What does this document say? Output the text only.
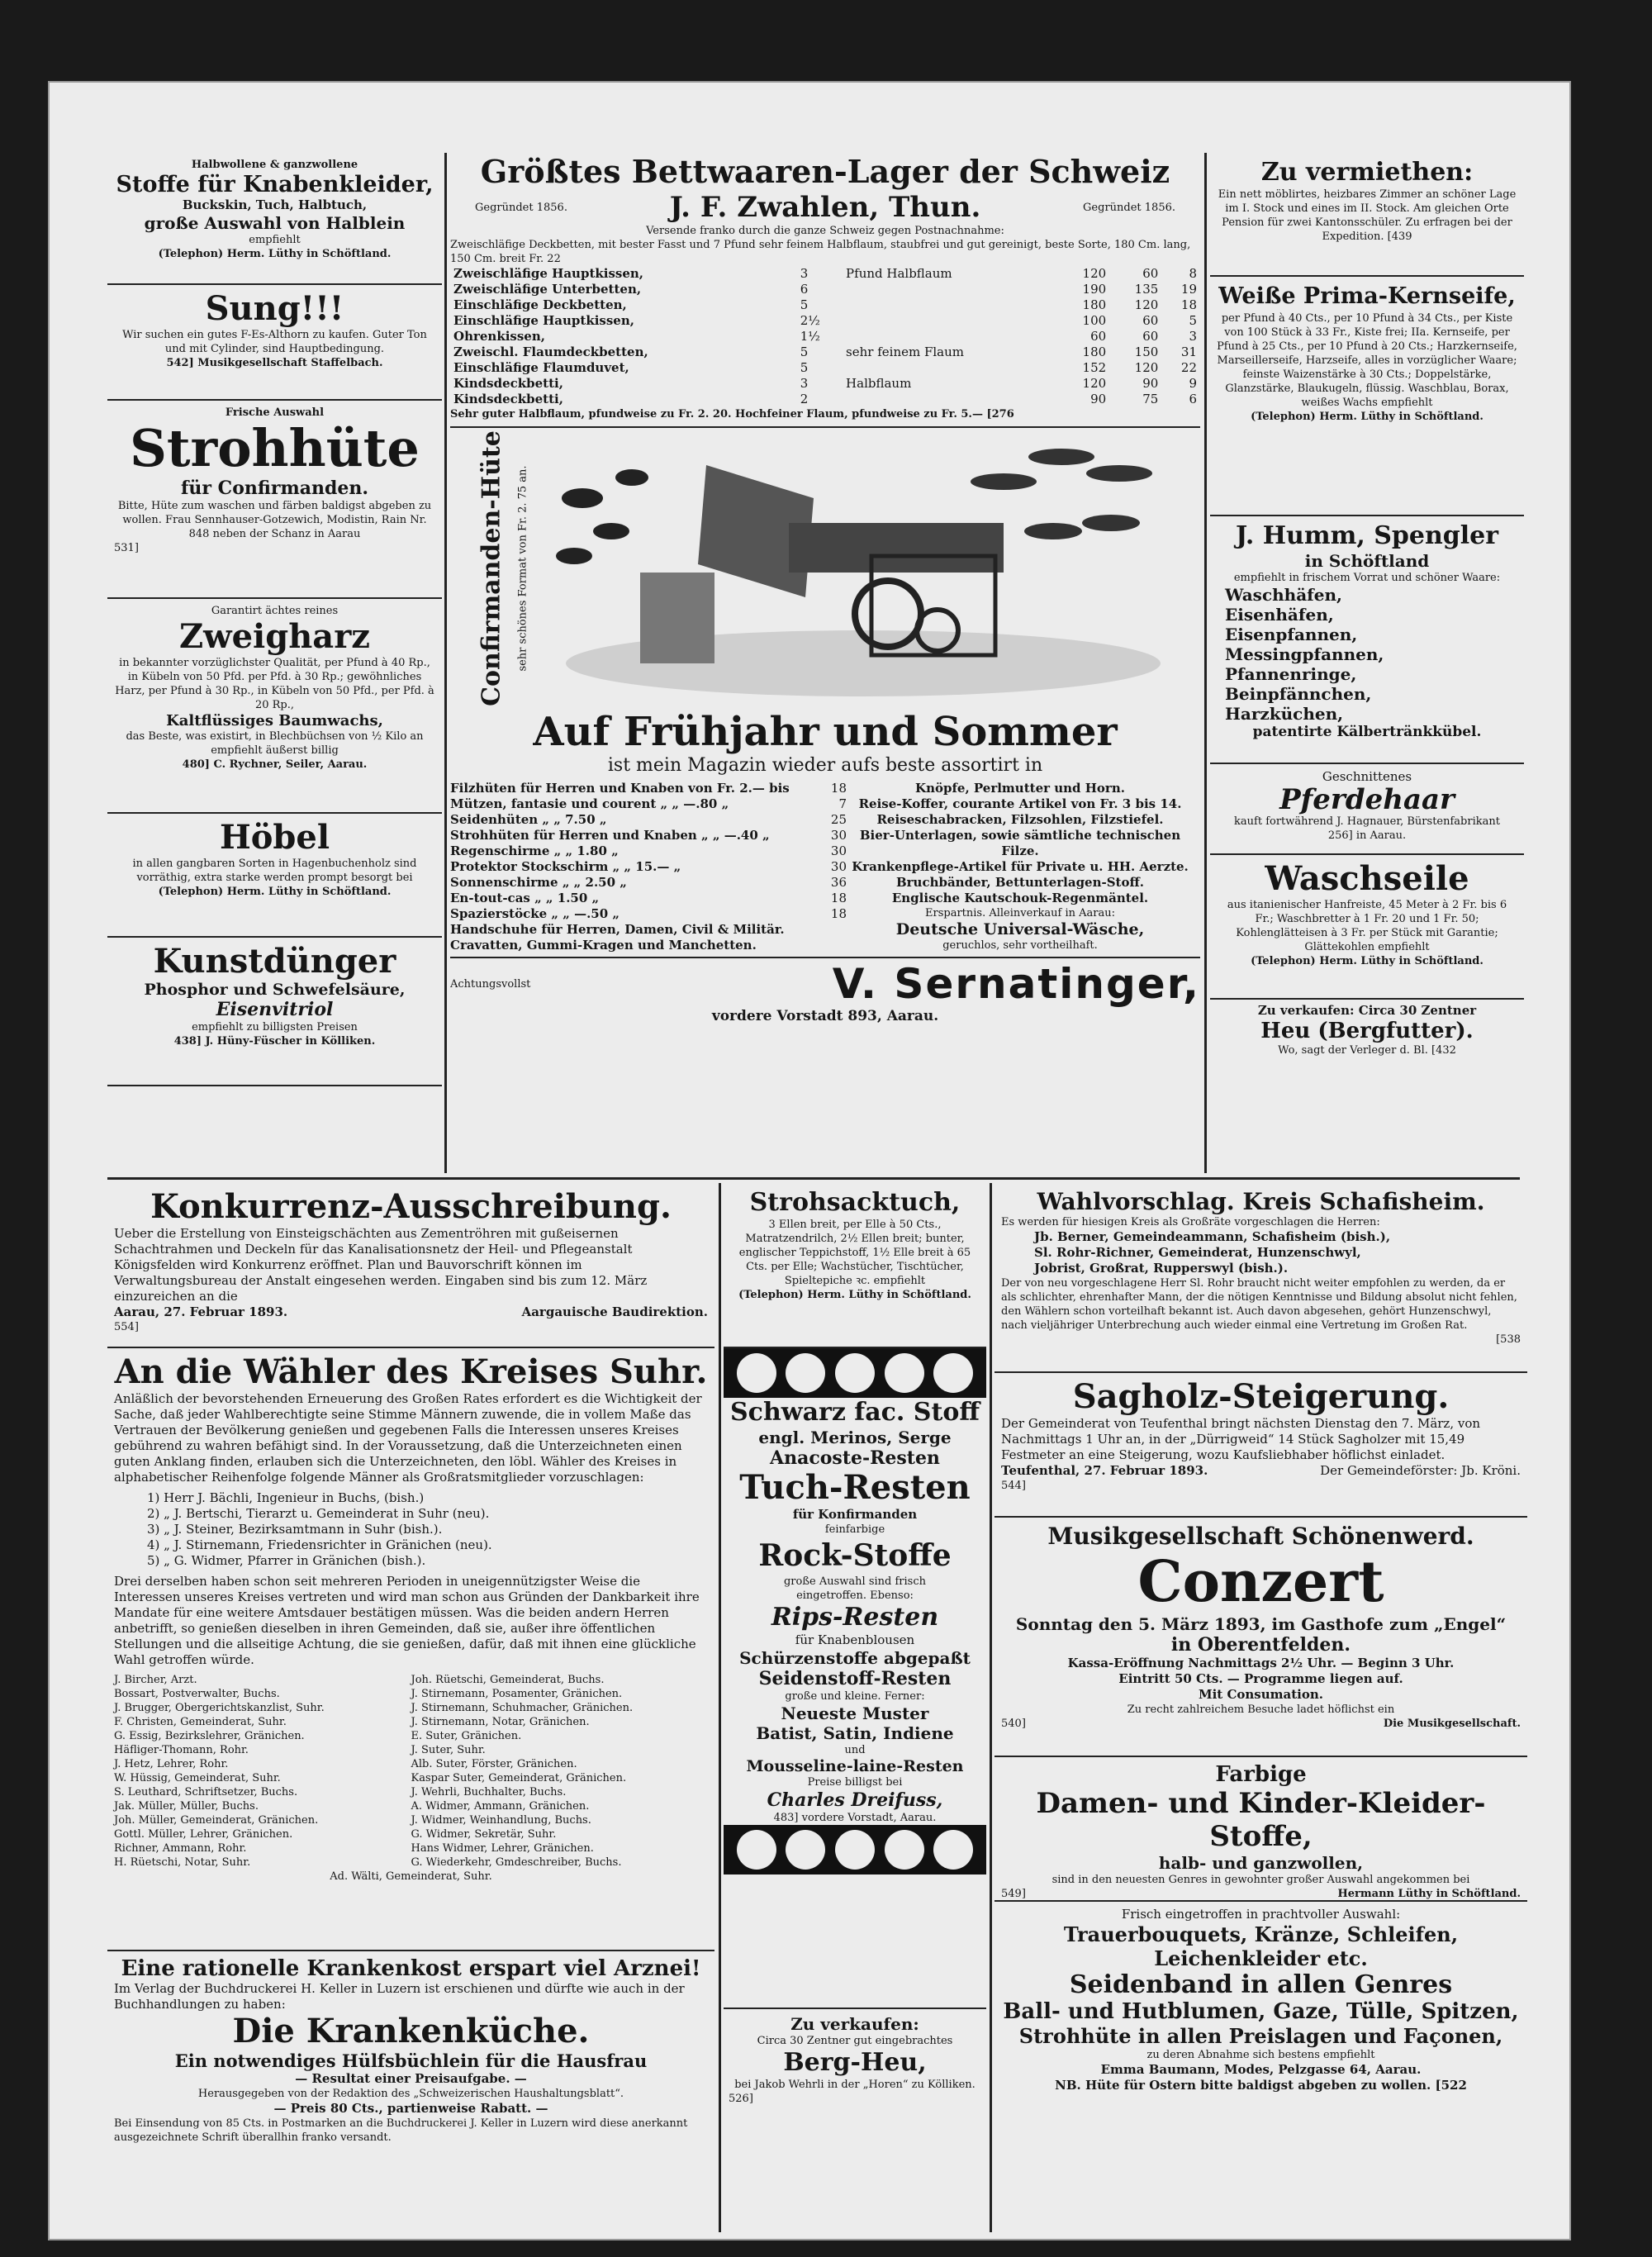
Halbwollene & ganzwollene
Stoffe für Knabenkleider,
Buckskin, Tuch, Halbtuch,
große Auswahl von Halblein
empfiehlt
(Telephon) Herm. Lüthy in Schöftland.
Sung!!!
Wir suchen ein gutes F-Es-Althorn zu kaufen. Guter Ton und mit Cylinder, sind Hauptbedingung.
542] Musikgesellschaft Staffelbach.
Frische Auswahl
Strohhüte
für Confirmanden.
Bitte, Hüte zum waschen und färben baldigst abgeben zu wollen. Frau Sennhauser-Gotzewich, Modistin, Rain Nr. 848 neben der Schanz in Aarau
531]
Garantirt ächtes reines
Zweigharz
in bekannter vorzüglichster Qualität, per Pfund à 40 Rp., in Kübeln von 50 Pfd. per Pfd. à 30 Rp.; gewöhnliches Harz, per Pfund à 30 Rp., in Kübeln von 50 Pfd., per Pfd. à 20 Rp.,
Kaltflüssiges Baumwachs,
das Beste, was existirt, in Blechbüchsen von ½ Kilo an empfiehlt äußerst billig
480] C. Rychner, Seiler, Aarau.
Höbel
in allen gangbaren Sorten in Hagenbuchenholz sind vorräthig, extra starke werden prompt besorgt bei
(Telephon) Herm. Lüthy in Schöftland.
Kunstdünger
Phosphor und Schwefelsäure,
Eisenvitriol
empfiehlt zu billigsten Preisen
438] J. Hüny-Füscher in Kölliken.
Größtes Bettwaaren-Lager der Schweiz
Gegründet 1856.	J. F. Zwahlen, Thun.	Gegründet 1856.
Versende franko durch die ganze Schweiz gegen Postnachnahme:
Zweischläfige Deckbetten, mit bester Fasst und 7 Pfund sehr feinem Halbflaum, staubfrei und gut gereinigt, beste Sorte, 180 Cm. lang, 150 Cm. breit Fr. 22
Zweischläfige Hauptkissen,	3	Pfund Halbflaum	120	60	8
Zweischläfige Unterbetten,	6		190	135	19
Einschläfige Deckbetten,	5		180	120	18
Einschläfige Hauptkissen,	2½		100	60	5
Ohrenkissen,	1½		60	60	3
Zweischl. Flaumdeckbetten,	5	sehr feinem Flaum	180	150	31
Einschläfige Flaumduvet,	5		152	120	22
Kindsdeckbetti,	3	Halbflaum	120	90	9
Kindsdeckbetti,	2		90	75	6
Sehr guter Halbflaum, pfundweise zu Fr. 2. 20. Hochfeiner Flaum, pfundweise zu Fr. 5.— [276
Confirmanden-Hüte sehr schönes Format von Fr. 2. 75 an.
Auf Frühjahr und Sommer
ist mein Magazin wieder aufs beste assortirt in
Filzhüten für Herren und Knaben von Fr. 2.— bis	18
Mützen, fantasie und courent „ „ —.80 „	7
Seidenhüten „ „ 7.50 „	25
Strohhüten für Herren und Knaben „ „ —.40 „	30
Regenschirme „ „ 1.80 „	30
Protektor Stockschirm „ „ 15.— „	30
Sonnenschirme „ „ 2.50 „	36
En-tout-cas „ „ 1.50 „	18
Spazierstöcke „ „ —.50 „	18
Handschuhe für Herren, Damen, Civil & Militär.
Cravatten, Gummi-Kragen und Manchetten.
Knöpfe, Perlmutter und Horn.
Reise-Koffer, courante Artikel von Fr. 3 bis 14.
Reiseschabracken, Filzsohlen, Filzstiefel.
Bier-Unterlagen, sowie sämtliche technischen Filze.
Krankenpflege-Artikel für Private u. HH. Aerzte.
Bruchbänder, Bettunterlagen-Stoff.
Englische Kautschouk-Regenmäntel.
Erspartnis. Alleinverkauf in Aarau:
Deutsche Universal-Wäsche,
geruchlos, sehr vortheilhaft.
Achtungsvollst	V. Sernatinger,
vordere Vorstadt 893, Aarau.
Zu vermiethen:
Ein nett möblirtes, heizbares Zimmer an schöner Lage im I. Stock und eines im II. Stock. Am gleichen Orte Pension für zwei Kantonsschüler. Zu erfragen bei der Expedition. [439
Weiße Prima-Kernseife,
per Pfund à 40 Cts., per 10 Pfund à 34 Cts., per Kiste von 100 Stück à 33 Fr., Kiste frei; IIa. Kernseife, per Pfund à 25 Cts., per 10 Pfund à 20 Cts.; Harzkernseife, Marseillerseife, Harzseife, alles in vorzüglicher Waare; feinste Waizenstärke à 30 Cts.; Doppelstärke, Glanzstärke, Blaukugeln, flüssig. Waschblau, Borax, weißes Wachs empfiehlt
(Telephon) Herm. Lüthy in Schöftland.
J. Humm, Spengler
in Schöftland
empfiehlt in frischem Vorrat und schöner Waare:
Waschhäfen,
Eisenhäfen,
Eisenpfannen,
Messingpfannen,
Pfannenringe,
Beinpfännchen,
Harzküchen,
patentirte Kälbertränkkübel.
Geschnittenes
Pferdehaar
kauft fortwährend J. Hagnauer, Bürstenfabrikant
256] in Aarau.
Waschseile
aus itanienischer Hanfreiste, 45 Meter à 2 Fr. bis 6 Fr.; Waschbretter à 1 Fr. 20 und 1 Fr. 50; Kohlenglätteisen à 3 Fr. per Stück mit Garantie; Glättekohlen empfiehlt
(Telephon) Herm. Lüthy in Schöftland.
Zu verkaufen: Circa 30 Zentner
Heu (Bergfutter).
Wo, sagt der Verleger d. Bl. [432
Konkurrenz-Ausschreibung.
Ueber die Erstellung von Einsteigschächten aus Zementröhren mit gußeisernen Schachtrahmen und Deckeln für das Kanalisationsnetz der Heil- und Pflegeanstalt Königsfelden wird Konkurrenz eröffnet. Plan und Bauvorschrift können im Verwaltungsbureau der Anstalt eingesehen werden. Eingaben sind bis zum 12. März einzureichen an die
Aarau, 27. Februar 1893.	Aargauische Baudirektion.
554]
An die Wähler des Kreises Suhr.
Anläßlich der bevorstehenden Erneuerung des Großen Rates erfordert es die Wichtigkeit der Sache, daß jeder Wahlberechtigte seine Stimme Männern zuwende, die in vollem Maße das Vertrauen der Bevölkerung genießen und gegebenen Falls die Interessen unseres Kreises gebührend zu wahren befähigt sind. In der Voraussetzung, daß die Unterzeichneten einen guten Anklang finden, erlauben sich die Unterzeichneten, den löbl. Wähler des Kreises in alphabetischer Reihenfolge folgende Männer als Großratsmitglieder vorzuschlagen:
1) Herr J. Bächli, Ingenieur in Buchs, (bish.)
2) „ J. Bertschi, Tierarzt u. Gemeinderat in Suhr (neu).
3) „ J. Steiner, Bezirksamtmann in Suhr (bish.).
4) „ J. Stirnemann, Friedensrichter in Gränichen (neu).
5) „ G. Widmer, Pfarrer in Gränichen (bish.).
Drei derselben haben schon seit mehreren Perioden in uneigennützigster Weise die Interessen unseres Kreises vertreten und wird man schon aus Gründen der Dankbarkeit ihre Mandate für eine weitere Amtsdauer bestätigen müssen. Was die beiden andern Herren anbetrifft, so genießen dieselben in ihren Gemeinden, daß sie, außer ihre öffentlichen Stellungen und die allseitige Achtung, die sie genießen, dafür, daß mit ihnen eine glückliche Wahl getroffen würde.
J. Bircher, Arzt.
Bossart, Postverwalter, Buchs.
J. Brugger, Obergerichtskanzlist, Suhr.
F. Christen, Gemeinderat, Suhr.
G. Essig, Bezirkslehrer, Gränichen.
Häfliger-Thomann, Rohr.
J. Hetz, Lehrer, Rohr.
W. Hüssig, Gemeinderat, Suhr.
S. Leuthard, Schriftsetzer, Buchs.
Jak. Müller, Müller, Buchs.
Joh. Müller, Gemeinderat, Gränichen.
Gottl. Müller, Lehrer, Gränichen.
Richner, Ammann, Rohr.
H. Rüetschi, Notar, Suhr.
Joh. Rüetschi, Gemeinderat, Buchs.
J. Stirnemann, Posamenter, Gränichen.
J. Stirnemann, Schuhmacher, Gränichen.
J. Stirnemann, Notar, Gränichen.
E. Suter, Gränichen.
J. Suter, Suhr.
Alb. Suter, Förster, Gränichen.
Kaspar Suter, Gemeinderat, Gränichen.
J. Wehrli, Buchhalter, Buchs.
A. Widmer, Ammann, Gränichen.
J. Widmer, Weinhandlung, Buchs.
G. Widmer, Sekretär, Suhr.
Hans Widmer, Lehrer, Gränichen.
G. Wiederkehr, Gmdeschreiber, Buchs.
Ad. Wälti, Gemeinderat, Suhr.
Eine rationelle Krankenkost erspart viel Arznei!
Im Verlag der Buchdruckerei H. Keller in Luzern ist erschienen und dürfte wie auch in der Buchhandlungen zu haben:
Die Krankenküche.
Ein notwendiges Hülfsbüchlein für die Hausfrau
— Resultat einer Preisaufgabe. —
Herausgegeben von der Redaktion des „Schweizerischen Haushaltungsblatt“.
— Preis 80 Cts., partienweise Rabatt. —
Bei Einsendung von 85 Cts. in Postmarken an die Buchdruckerei J. Keller in Luzern wird diese anerkannt ausgezeichnete Schrift überallhin franko versandt.
Strohsacktuch,
3 Ellen breit, per Elle à 50 Cts., Matratzendrilch, 2½ Ellen breit; bunter, englischer Teppichstoff, 1½ Elle breit à 65 Cts. per Elle; Wachstücher, Tischtücher, Spieltepiche ꝛc. empfiehlt
(Telephon) Herm. Lüthy in Schöftland.
Schwarz fac. Stoff
engl. Merinos, Serge
Anacoste-Resten
Tuch-Resten
für Konfirmanden
feinfarbige
Rock-Stoffe
große Auswahl sind frisch eingetroffen. Ebenso:
Rips-Resten
für Knabenblousen
Schürzenstoffe abgepaßt
Seidenstoff-Resten
große und kleine. Ferner:
Neueste Muster
Batist, Satin, Indiene
und
Mousseline-laine-Resten
Preise billigst bei
Charles Dreifuss,
483] vordere Vorstadt, Aarau.
Zu verkaufen:
Circa 30 Zentner gut eingebrachtes
Berg-Heu,
bei Jakob Wehrli in der „Horen“ zu Kölliken.
526]
Wahlvorschlag. Kreis Schafisheim.
Es werden für hiesigen Kreis als Großräte vorgeschlagen die Herren:
Jb. Berner, Gemeindeammann, Schafisheim (bish.),
Sl. Rohr-Richner, Gemeinderat, Hunzenschwyl,
Jobrist, Großrat, Rupperswyl (bish.).
Der von neu vorgeschlagene Herr Sl. Rohr braucht nicht weiter empfohlen zu werden, da er als schlichter, ehrenhafter Mann, der die nötigen Kenntnisse und Bildung absolut nicht fehlen, den Wählern schon vorteilhaft bekannt ist. Auch davon abgesehen, gehört Hunzenschwyl, nach vieljähriger Unterbrechung auch wieder einmal eine Vertretung im Großen Rat.
[538
Sagholz-Steigerung.
Der Gemeinderat von Teufenthal bringt nächsten Dienstag den 7. März, von Nachmittags 1 Uhr an, in der „Dürrigweid“ 14 Stück Sagholzer mit 15,49 Festmeter an eine Steigerung, wozu Kaufsliebhaber höflichst einladet.
Teufenthal, 27. Februar 1893.	Der Gemeindeförster: Jb. Kröni.
544]
Musikgesellschaft Schönenwerd.
Conzert
Sonntag den 5. März 1893, im Gasthofe zum „Engel“
in Oberentfelden.
Kassa-Eröffnung Nachmittags 2½ Uhr. — Beginn 3 Uhr.
Eintritt 50 Cts. — Programme liegen auf.
Mit Consumation.
Zu recht zahlreichem Besuche ladet höflichst ein
540]	Die Musikgesellschaft.
Farbige
Damen- und Kinder-Kleider-Stoffe,
halb- und ganzwollen,
sind in den neuesten Genres in gewohnter großer Auswahl angekommen bei
549]	Hermann Lüthy in Schöftland.
Frisch eingetroffen in prachtvoller Auswahl:
Trauerbouquets, Kränze, Schleifen, Leichenkleider etc.
Seidenband in allen Genres
Ball- und Hutblumen, Gaze, Tülle, Spitzen,
Strohhüte in allen Preislagen und Façonen,
zu deren Abnahme sich bestens empfiehlt
Emma Baumann, Modes, Pelzgasse 64, Aarau.
NB. Hüte für Ostern bitte baldigst abgeben zu wollen. [522
